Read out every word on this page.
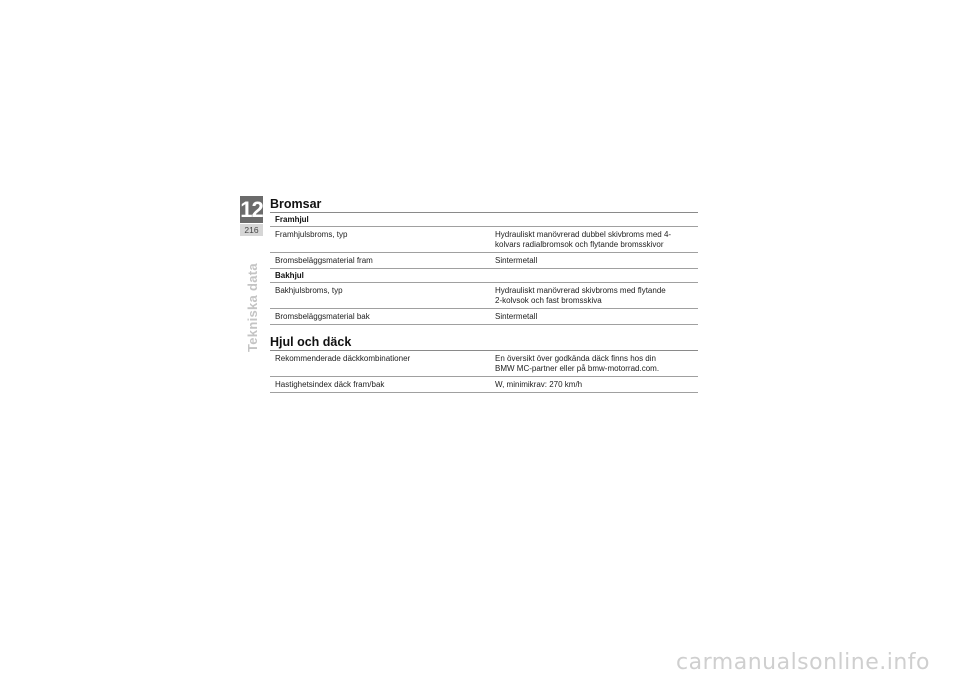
12
216
Tekniska data
Bromsar
Framhjul
Framhjulsbroms, typ	Hydrauliskt manövrerad dubbel skivbroms med 4-
kolvars radialbromsok och flytande bromsskivor
Bromsbeläggsmaterial fram	Sintermetall
Bakhjul
Bakhjulsbroms, typ	Hydrauliskt manövrerad skivbroms med flytande
2-kolvsok och fast bromsskiva
Bromsbeläggsmaterial bak	Sintermetall
Hjul och däck
Rekommenderade däckkombinationer	En översikt över godkända däck finns hos din
BMW MC-partner eller på bmw-motorrad.com.
Hastighetsindex däck fram/bak	W, minimikrav: 270 km/h
carmanualsonline.info
